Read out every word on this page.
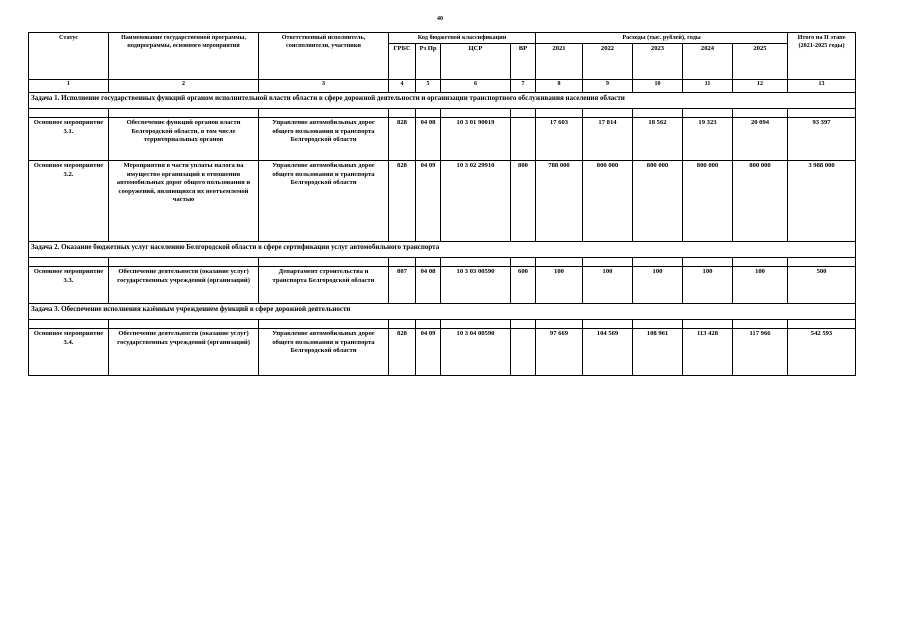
40
Статус	Наименование государственной программы, подпрограммы, основного мероприятия	Ответственный исполнитель, соисполнители, участники	Код бюджетной классификации				Расходы (тыс. рублей), годы					Итого на II этапе (2021-2025 годы)
			ГРБС	Рз Пр	ЦСР	ВР	2021	2022	2023	2024	2025	
1	2	3	4	5	6	7	8	9	10	11	12	13
Задача 1. Исполнение государственных функций органом исполнительной власти области в сфере дорожной деятельности и организации транспортного обслуживания населения области												

Основное мероприятие 3.1.	Обеспечение функций органов власти Белгородской области, в том числе территориальных органов	Управление автомобильных дорог общего пользования и транспорта Белгородской области	828	04 08	10 3 01 90019		17 603	17 814	18 562	19 323	20 094	93 397
Основное мероприятие 3.2.	Мероприятия в части уплаты налога на имущество организаций в отношении автомобильных дорог общего пользования и сооружений, являющихся их неотъемлемой частью	Управление автомобильных дорог общего пользования и транспорта Белгородской области	828	04 09	10 3 02 29910	800	788 000	800 000	800 000	800 000	800 000	3 988 000
Задача 2. Оказание бюджетных услуг населению Белгородской области в сфере сертификации услуг автомобильного транспорта												

Основное мероприятие 3.3.	Обеспечение деятельности (оказание услуг) государственных учреждений (организаций)	Департамент строительства и транспорта Белгородской области	807	04 08	10 3 03 00590	600	100	100	100	100	100	500
Задача 3. Обеспечение исполнения казённым учреждением функций в сфере дорожной деятельности												

Основное мероприятие 3.4.	Обеспечение деятельности (оказание услуг) государственных учреждений (организаций)	Управление автомобильных дорог общего пользования и транспорта Белгородской области	828	04 09	10 3 04 00590		97 669	104 569	108 961	113 428	117 966	542 593
